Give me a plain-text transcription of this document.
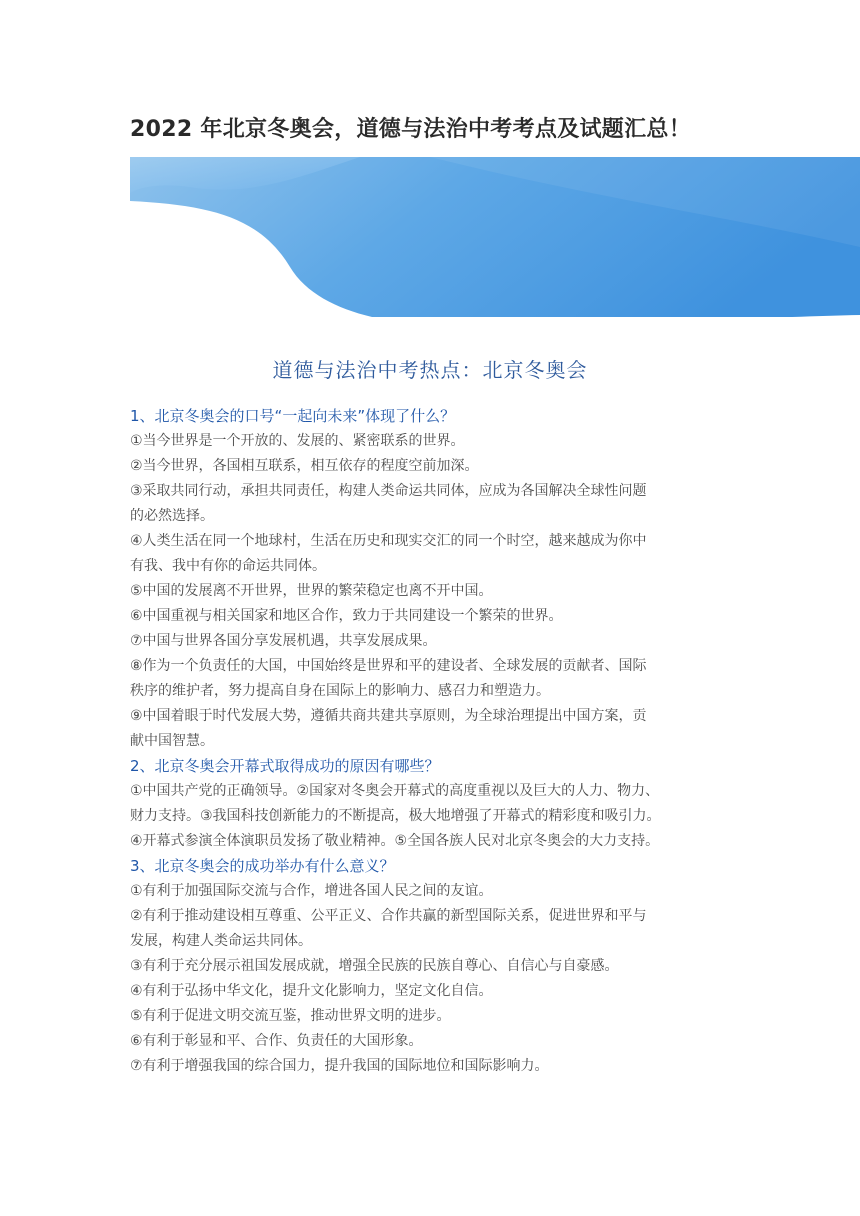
2022 年北京冬奥会，道德与法治中考考点及试题汇总！
道德与法治中考热点：北京冬奥会
1、北京冬奥会的口号“一起向未来”体现了什么？
①当今世界是一个开放的、发展的、紧密联系的世界。
②当今世界，各国相互联系，相互依存的程度空前加深。
③采取共同行动，承担共同责任，构建人类命运共同体，应成为各国解决全球性问题
的必然选择。
④人类生活在同一个地球村，生活在历史和现实交汇的同一个时空，越来越成为你中
有我、我中有你的命运共同体。
⑤中国的发展离不开世界，世界的繁荣稳定也离不开中国。
⑥中国重视与相关国家和地区合作，致力于共同建设一个繁荣的世界。
⑦中国与世界各国分享发展机遇，共享发展成果。
⑧作为一个负责任的大国，中国始终是世界和平的建设者、全球发展的贡献者、国际
秩序的维护者，努力提高自身在国际上的影响力、感召力和塑造力。
⑨中国着眼于时代发展大势，遵循共商共建共享原则，为全球治理提出中国方案，贡
献中国智慧。
2、北京冬奥会开幕式取得成功的原因有哪些？
①中国共产党的正确领导。②国家对冬奥会开幕式的高度重视以及巨大的人力、物力、
财力支持。③我国科技创新能力的不断提高，极大地增强了开幕式的精彩度和吸引力。
④开幕式参演全体演职员发扬了敬业精神。⑤全国各族人民对北京冬奥会的大力支持。
3、北京冬奥会的成功举办有什么意义？
①有利于加强国际交流与合作，增进各国人民之间的友谊。
②有利于推动建设相互尊重、公平正义、合作共赢的新型国际关系，促进世界和平与
发展，构建人类命运共同体。
③有利于充分展示祖国发展成就，增强全民族的民族自尊心、自信心与自豪感。
④有利于弘扬中华文化，提升文化影响力，坚定文化自信。
⑤有利于促进文明交流互鉴，推动世界文明的进步。
⑥有利于彰显和平、合作、负责任的大国形象。
⑦有利于增强我国的综合国力，提升我国的国际地位和国际影响力。
